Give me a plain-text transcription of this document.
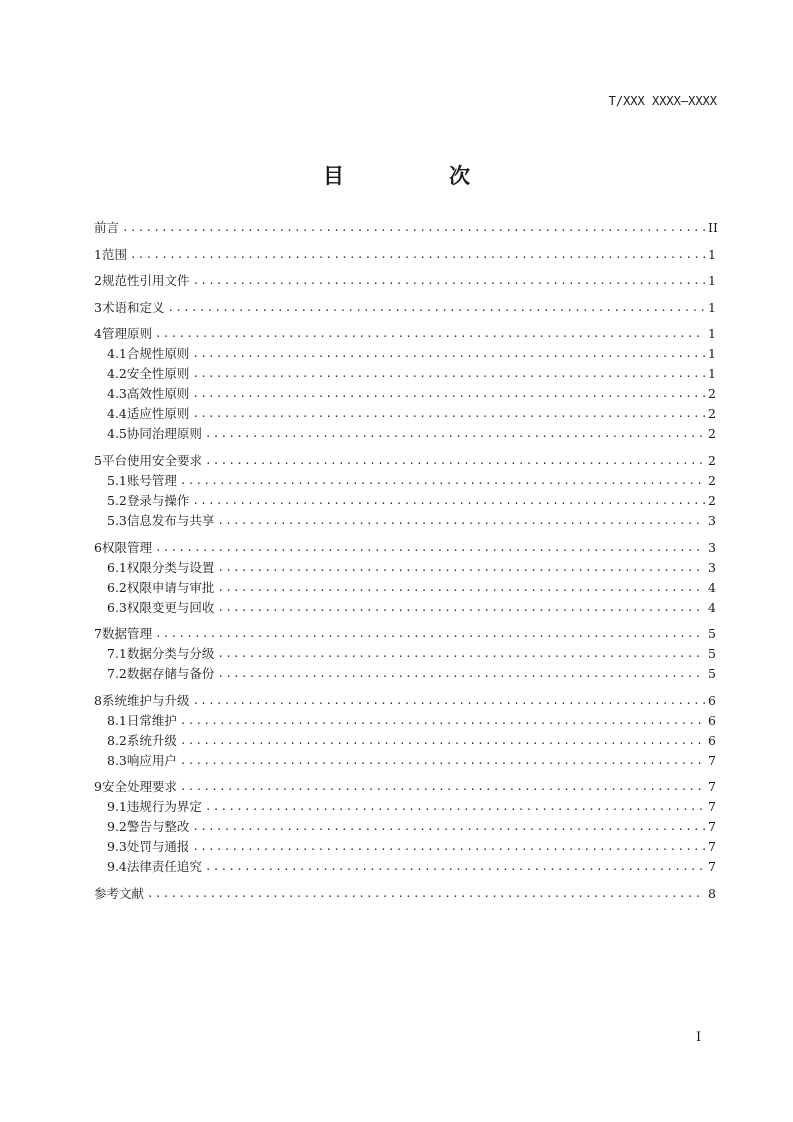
T/XXX XXXX—XXXX
目　次
前言 .....	II
1 范围 .....	1
2 规范性引用文件 .....	1
3 术语和定义 .....	1
4 管理原则 .....	1
4.1 合规性原则 .....	1
4.2 安全性原则 .....	1
4.3 高效性原则 .....	2
4.4 适应性原则 .....	2
4.5 协同治理原则 .....	2
5 平台使用安全要求 .....	2
5.1 账号管理 .....	2
5.2 登录与操作 .....	2
5.3 信息发布与共享 .....	3
6 权限管理 .....	3
6.1 权限分类与设置 .....	3
6.2 权限申请与审批 .....	4
6.3 权限变更与回收 .....	4
7 数据管理 .....	5
7.1 数据分类与分级 .....	5
7.2 数据存储与备份 .....	5
8 系统维护与升级 .....	6
8.1 日常维护 .....	6
8.2 系统升级 .....	6
8.3 响应用户 .....	7
9 安全处理要求 .....	7
9.1 违规行为界定 .....	7
9.2 警告与整改 .....	7
9.3 处罚与通报 .....	7
9.4 法律责任追究 .....	7
参考文献 .....	8
I
